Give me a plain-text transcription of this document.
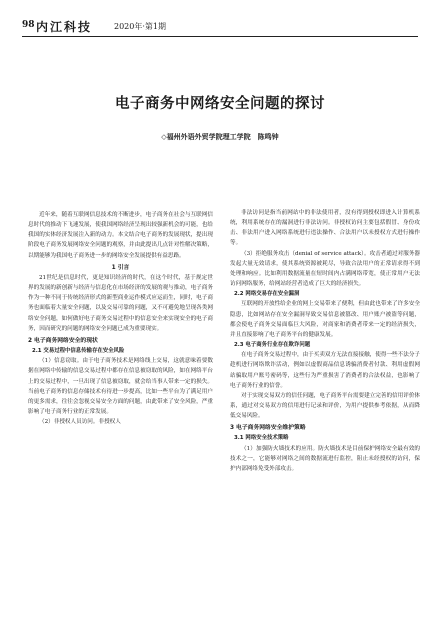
98 内江科技	2020年·第1期
电子商务中网络安全问题的探讨
◇福州外语外贸学院理工学院　陈鸣钟

近年来，随着互联网信息技术的不断进步，电子商务在社会与互联网信息时代的推动下飞速发展，使我国网络经济呈现出较强新机会的可能，也给我国的实体经济发展注入新的动力。本文结合电子商务的发展现状，提出现阶段电子商务发展网络安全问题的观察，并由此提出几点针对性解决策略，以期能够为我国电子商务进一步的网络安全发展提供有益思路。

1 引言

21世纪是信息时代，更是知识经济的时代，在这个时代，基于规定世界的发展的新创新与经济与信息化在市场经济的发展的观与推动，电子商务作为一种不同于传统经济形式的新型商业运作模式应运而生，同时，电子商务也面临着大量安全问题，以及交易可靠的问题，又不可避免地呈现各类网络安全问题，如何做好电子商务交易过程中的信息安全来实现安全的电子商务，因而研究的问题的网络安全问题已成为重要现实。

2 电子商务网络安全的现状

2.1 交易过程中信息传输存在安全风险

（1）信息窃取。由于电子商务技术是网络线上交易，这就意味着要数据在网络中传输的信息交易过程中都存在信息被窃取的风险，如在网络平台上的交易过程中，一旦出现了信息被窃取，就会给当事人带来一定的损失。当前电子商务的信息存储技术有待进一步提高，比如一些平台为了满足用户的更多需求，往往会忽视交易安全方面的问题，由此带来了安全风险，严重影响了电子商务行业的正常发展。

（2）非授权人员访问。非授权人

非法访问是指当前网站中的非法使用者，没有得到授权即进入计算机系统，利用系统存在的漏洞进行非法访问。非授权访问主要包括假冒、身份攻击、非法用户进入网络系统进行违法操作、合法用户以未授权方式进行操作等。

（3）拒绝服务攻击（denial of service attack）。攻击者通过对服务器发起大量无效请求，使其系统资源被耗尽，导致合法用户的正常请求得不到处理和响应。比如利用数据流量在短时间内占满网络带宽，使正常用户无法访问网络服务，给网站经营者造成了巨大的经济损失。

2.2 网络交易存在安全漏洞

互联网的开放性给企业的网上交易带来了便利，但由此也带来了许多安全隐患，比如网站存在安全漏洞导致交易信息被篡改、用户账户被盗等问题，都会使电子商务交易面临巨大风险，对商家和消费者带来一定的经济损失，并且直接影响了电子商务平台的健康发展。

2.3 电子商务行业存在欺诈问题

在电子商务交易过程中，由于买卖双方无法直接接触，使得一些不法分子趁机进行网络欺诈活动，例如以虚假商品信息诱骗消费者付款、利用虚假网站骗取用户账号密码等，这些行为严重损害了消费者的合法权益，也影响了电子商务行业的信誉。

对于实现交易双方的信任问题，电子商务平台需要建立完善的信用评价体系，通过对交易双方的信用进行记录和评价，为用户提供参考依据，从而降低交易风险。

3 电子商务网络安全维护策略

3.1 网络安全技术策略

（1）加强防火墙技术的应用。防火墙技术是目前保护网络安全最有效的技术之一，它能够对网络之间的数据流进行监控，阻止未经授权的访问，保护内部网络免受外部攻击。
